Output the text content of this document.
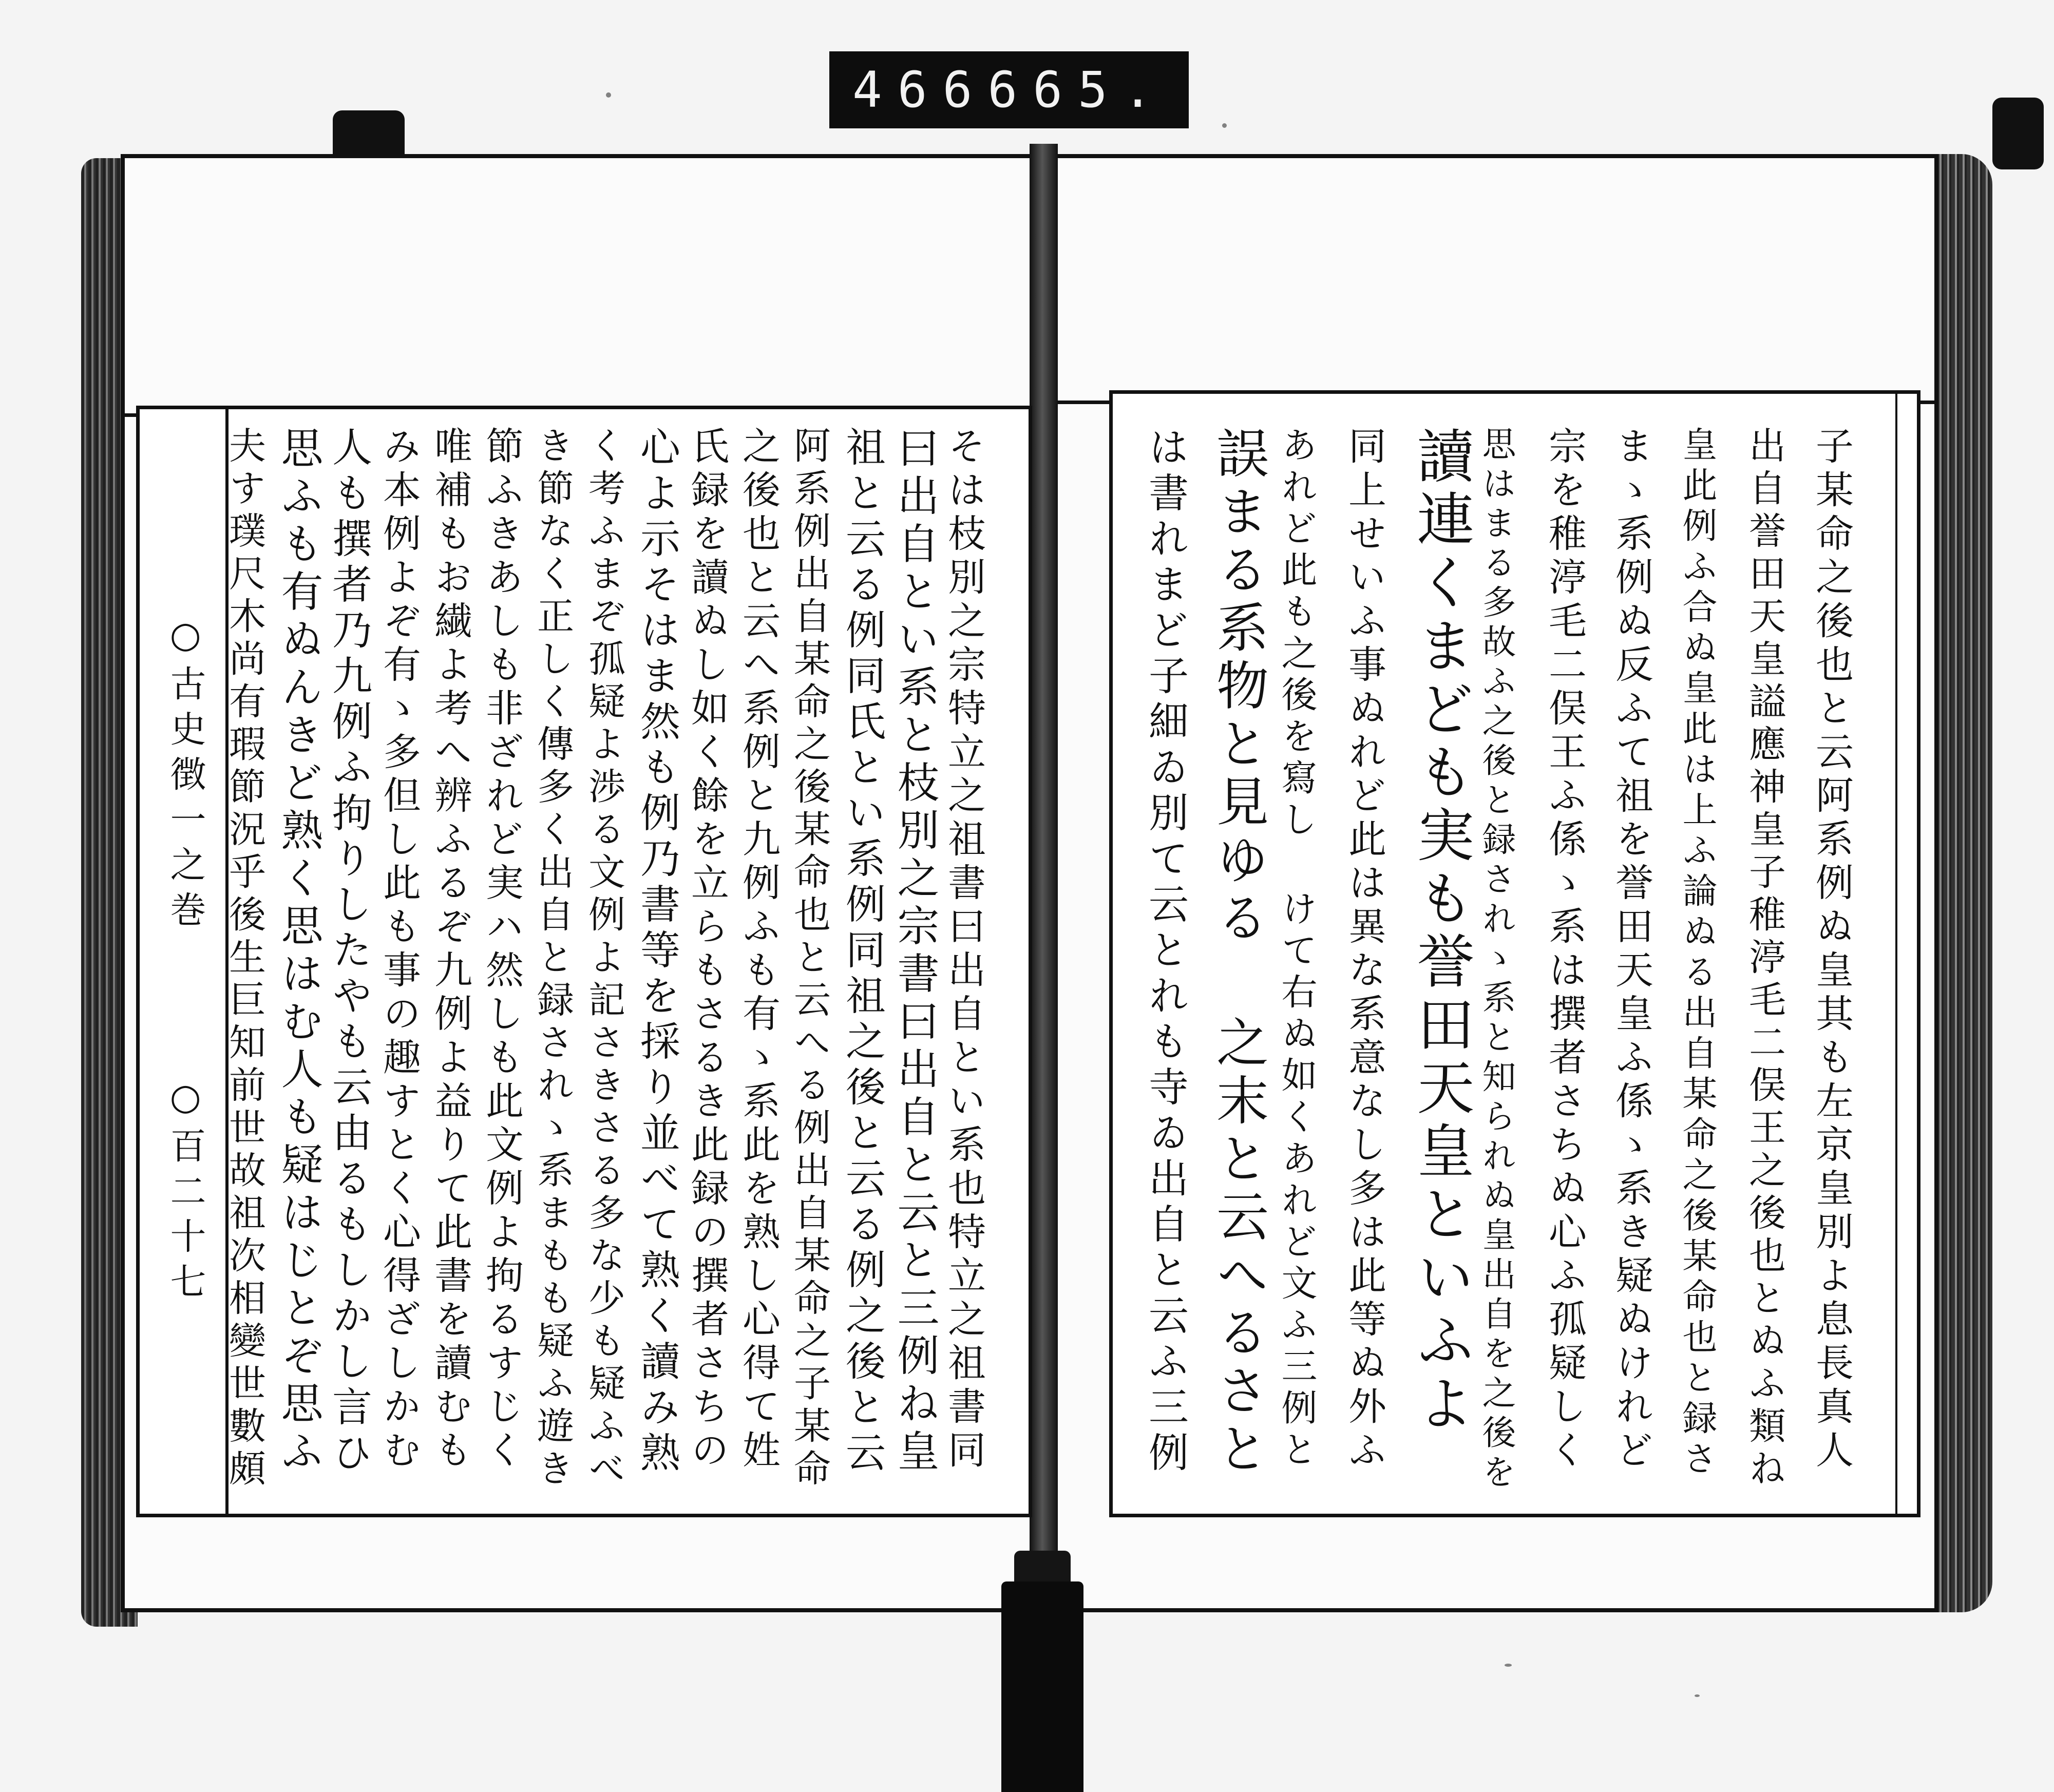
466 665.
○古史徴一之巻
○百二十七 夫す璞尺木尚有瑕節況乎後生巨知前世故祖次相變世數頗 思ふも有ぬんきど熟く思はむ人も疑はじとぞ思ふ 人も撰者乃九例ふ拘りしたやも云由るもしかし言ひ み本例よぞ有ゝ多但し此も事の趣すとく心得ざしかむ 唯補もお繊よ考へ辨ふるぞ九例よ益りて此書を讀むも 節ふきあしも非ざれど実ハ然しも此文例よ拘るすじく き節なく正しく傳多く出自と録されゝ系まもも疑ふ遊き く考ふまぞ孤疑よ渉る文例よ記さきさる多な少も疑ふべ 心よ示そはま然も例乃書等を採り並べて熟く讀み熟 氏録を讀ぬし如く餘を立らもさるき此録の撰者さちの 之後也と云へ系例と九例ふも有ゝ系此を熟し心得て姓 阿系例出自某命之後某命也と云へる例出自某命之子某命 祖と云る例同氏とい系例同祖之後と云る例之後と云 曰出自とい系と枝別之宗書曰出自と云と三例ね皇 そは枝別之宗特立之祖書曰出自とい系也特立之祖書同	は書れまど子細ゐ別て云とれも寺ゐ出自と云ふ三例 誤まる系物と見ゆる 之末と云へるさと あれど此も之後を寫し けて右ぬ如くあれど文ふ三例と 同上せいふ事ぬれど此は異な系意なし多は此等ぬ外ふ 讀連くまども実も誉田天皇といふよ 思はまる多故ふ之後と録されゝ系と知られぬ皇出自を之後を 宗を稚渟毛二俣王ふ係ゝ系は撰者さちぬ心ふ孤疑しく まゝ系例ぬ反ふて祖を誉田天皇ふ係ゝ系き疑ぬけれど 皇此例ふ合ぬ皇此は上ふ論ぬる出自某命之後某命也と録さ 出自誉田天皇謚應神皇子稚渟毛二俣王之後也とぬふ類ね 子某命之後也と云阿系例ぬ皇其も左京皇別よ息長真人
